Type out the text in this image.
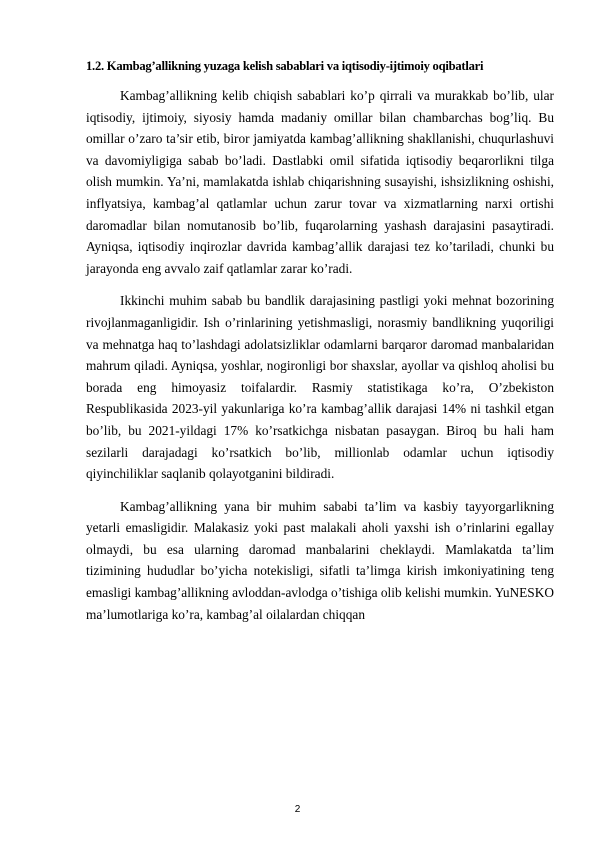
1.2. Kambag’allikning yuzaga kelish sabablari va iqtisodiy-ijtimoiy oqibatlari

Kambag’allikning kelib chiqish sabablari ko’p qirrali va murakkab bo’lib, ular iqtisodiy, ijtimoiy, siyosiy hamda madaniy omillar bilan chambarchas bog’liq. Bu omillar o’zaro ta’sir etib, biror jamiyatda kambag’allikning shakllanishi, chuqurlashuvi va davomiyligiga sabab bo’ladi. Dastlabki omil sifatida iqtisodiy beqarorlikni tilga olish mumkin. Ya’ni, mamlakatda ishlab chiqarishning susayishi, ishsizlikning oshishi, inflyatsiya, kambag’al qatlamlar uchun zarur tovar va xizmatlarning narxi ortishi daromadlar bilan nomutanosib bo’lib, fuqarolarning yashash darajasini pasaytiradi. Ayniqsa, iqtisodiy inqirozlar davrida kambag’allik darajasi tez ko’tariladi, chunki bu jarayonda eng avvalo zaif qatlamlar zarar ko’radi.

Ikkinchi muhim sabab bu bandlik darajasining pastligi yoki mehnat bozorining rivojlanmaganligidir. Ish o’rinlarining yetishmasligi, norasmiy bandlikning yuqoriligi va mehnatga haq to’lashdagi adolatsizliklar odamlarni barqaror daromad manbalaridan mahrum qiladi. Ayniqsa, yoshlar, nogironligi bor shaxslar, ayollar va qishloq aholisi bu borada eng himoyasiz toifalardir. Rasmiy statistikaga ko’ra, O’zbekiston Respublikasida 2023-yil yakunlariga ko’ra kambag’allik darajasi 14% ni tashkil etgan bo’lib, bu 2021-yildagi 17% ko’rsatkichga nisbatan pasaygan. Biroq bu hali ham sezilarli darajadagi ko’rsatkich bo’lib, millionlab odamlar uchun iqtisodiy qiyinchiliklar saqlanib qolayotganini bildiradi.

Kambag’allikning yana bir muhim sababi ta’lim va kasbiy tayyorgarlikning yetarli emasligidir. Malakasiz yoki past malakali aholi yaxshi ish o’rinlarini egallay olmaydi, bu esa ularning daromad manbalarini cheklaydi. Mamlakatda ta’lim tizimining hududlar bo’yicha notekisligi, sifatli ta’limga kirish imkoniyatining teng emasligi kambag’allikning avloddan-avlodga o’tishiga olib kelishi mumkin. YuNESKO ma’lumotlariga ko’ra, kambag’al oilalardan chiqqan

2
